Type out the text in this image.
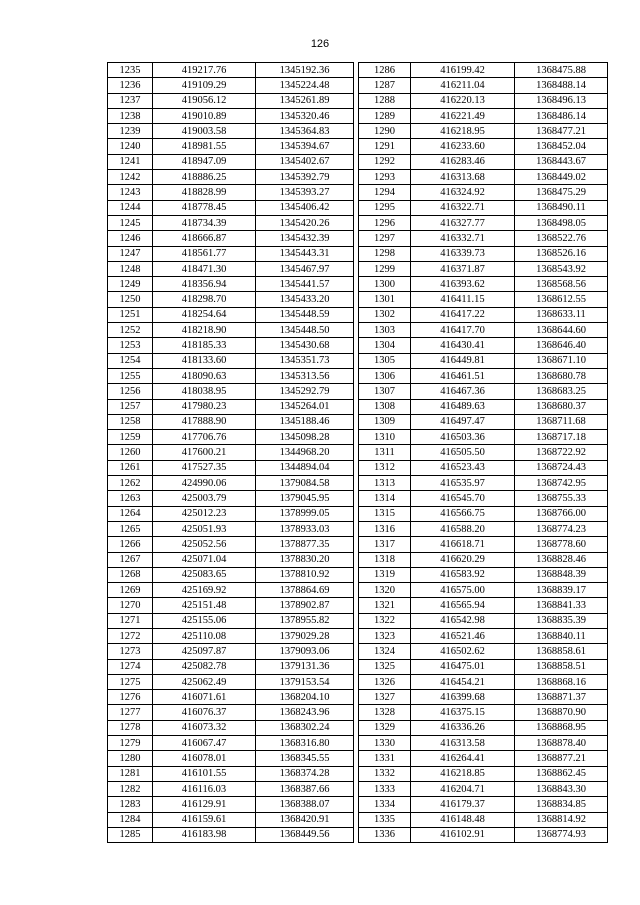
126
1235	419217.76	1345192.36
1236	419109.29	1345224.48
1237	419056.12	1345261.89
1238	419010.89	1345320.46
1239	419003.58	1345364.83
1240	418981.55	1345394.67
1241	418947.09	1345402.67
1242	418886.25	1345392.79
1243	418828.99	1345393.27
1244	418778.45	1345406.42
1245	418734.39	1345420.26
1246	418666.87	1345432.39
1247	418561.77	1345443.31
1248	418471.30	1345467.97
1249	418356.94	1345441.57
1250	418298.70	1345433.20
1251	418254.64	1345448.59
1252	418218.90	1345448.50
1253	418185.33	1345430.68
1254	418133.60	1345351.73
1255	418090.63	1345313.56
1256	418038.95	1345292.79
1257	417980.23	1345264.01
1258	417888.90	1345188.46
1259	417706.76	1345098.28
1260	417600.21	1344968.20
1261	417527.35	1344894.04
1262	424990.06	1379084.58
1263	425003.79	1379045.95
1264	425012.23	1378999.05
1265	425051.93	1378933.03
1266	425052.56	1378877.35
1267	425071.04	1378830.20
1268	425083.65	1378810.92
1269	425169.92	1378864.69
1270	425151.48	1378902.87
1271	425155.06	1378955.82
1272	425110.08	1379029.28
1273	425097.87	1379093.06
1274	425082.78	1379131.36
1275	425062.49	1379153.54
1276	416071.61	1368204.10
1277	416076.37	1368243.96
1278	416073.32	1368302.24
1279	416067.47	1368316.80
1280	416078.01	1368345.55
1281	416101.55	1368374.28
1282	416116.03	1368387.66
1283	416129.91	1368388.07
1284	416159.61	1368420.91
1285	416183.98	1368449.56
1286	416199.42	1368475.88
1287	416211.04	1368488.14
1288	416220.13	1368496.13
1289	416221.49	1368486.14
1290	416218.95	1368477.21
1291	416233.60	1368452.04
1292	416283.46	1368443.67
1293	416313.68	1368449.02
1294	416324.92	1368475.29
1295	416322.71	1368490.11
1296	416327.77	1368498.05
1297	416332.71	1368522.76
1298	416339.73	1368526.16
1299	416371.87	1368543.92
1300	416393.62	1368568.56
1301	416411.15	1368612.55
1302	416417.22	1368633.11
1303	416417.70	1368644.60
1304	416430.41	1368646.40
1305	416449.81	1368671.10
1306	416461.51	1368680.78
1307	416467.36	1368683.25
1308	416489.63	1368680.37
1309	416497.47	1368711.68
1310	416503.36	1368717.18
1311	416505.50	1368722.92
1312	416523.43	1368724.43
1313	416535.97	1368742.95
1314	416545.70	1368755.33
1315	416566.75	1368766.00
1316	416588.20	1368774.23
1317	416618.71	1368778.60
1318	416620.29	1368828.46
1319	416583.92	1368848.39
1320	416575.00	1368839.17
1321	416565.94	1368841.33
1322	416542.98	1368835.39
1323	416521.46	1368840.11
1324	416502.62	1368858.61
1325	416475.01	1368858.51
1326	416454.21	1368868.16
1327	416399.68	1368871.37
1328	416375.15	1368870.90
1329	416336.26	1368868.95
1330	416313.58	1368878.40
1331	416264.41	1368877.21
1332	416218.85	1368862.45
1333	416204.71	1368843.30
1334	416179.37	1368834.85
1335	416148.48	1368814.92
1336	416102.91	1368774.93
